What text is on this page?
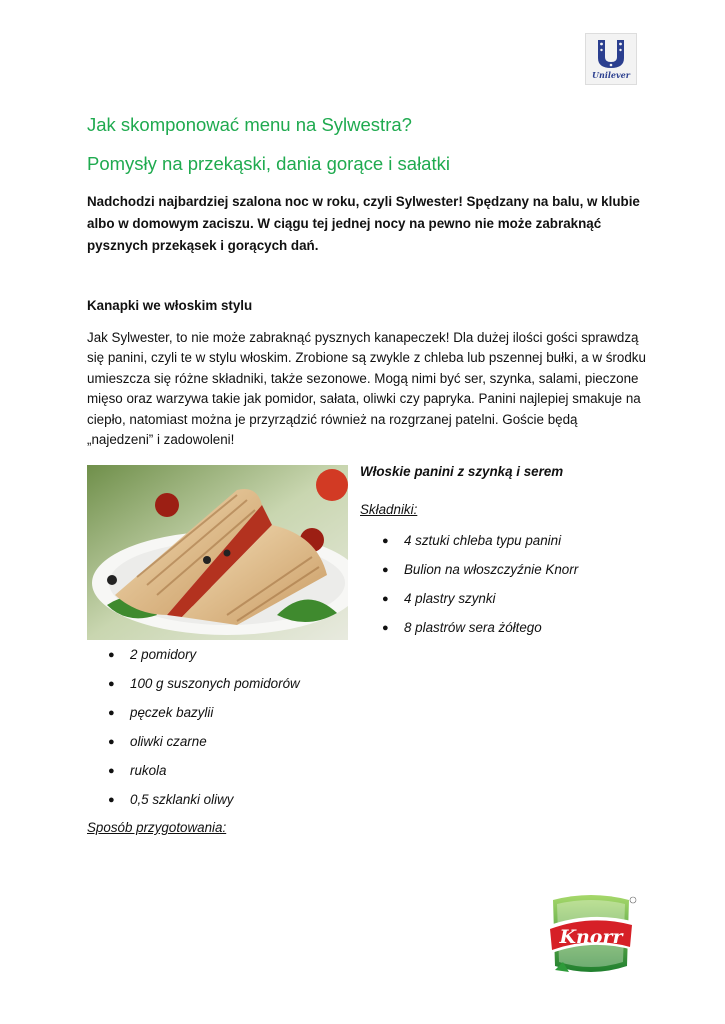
Unilever
Jak skomponować menu na Sylwestra?
Pomysły na przekąski, dania gorące i sałatki

Nadchodzi najbardziej szalona noc w roku, czyli Sylwester! Spędzany na balu, w klubie albo w domowym zaciszu. W ciągu tej jednej nocy na pewno nie może zabraknąć pysznych przekąsek i gorących dań.

Kanapki we włoskim stylu

Jak Sylwester, to nie może zabraknąć pysznych kanapeczek! Dla dużej ilości gości sprawdzą się panini, czyli te w stylu włoskim. Zrobione są zwykle z chleba lub pszennej bułki, a w środku umieszcza się różne składniki, także sezonowe. Mogą nimi być ser, szynka, salami, pieczone mięso oraz warzywa takie jak pomidor, sałata, oliwki czy papryka. Panini najlepiej smakuje na ciepło, natomiast można je przyrządzić również na rozgrzanej patelni. Goście będą „najedzeni” i zadowoleni!

Włoskie panini z szynką i serem

Składniki:

● 4 sztuki chleba typu panini
● Bulion na włoszczyźnie Knorr
● 4 plastry szynki
● 8 plastrów sera żółtego
● 2 pomidory
● 100 g suszonych pomidorów
● pęczek bazylii
● oliwki czarne
● rukola
● 0,5 szklanki oliwy

Sposób przygotowania:

Knorr
